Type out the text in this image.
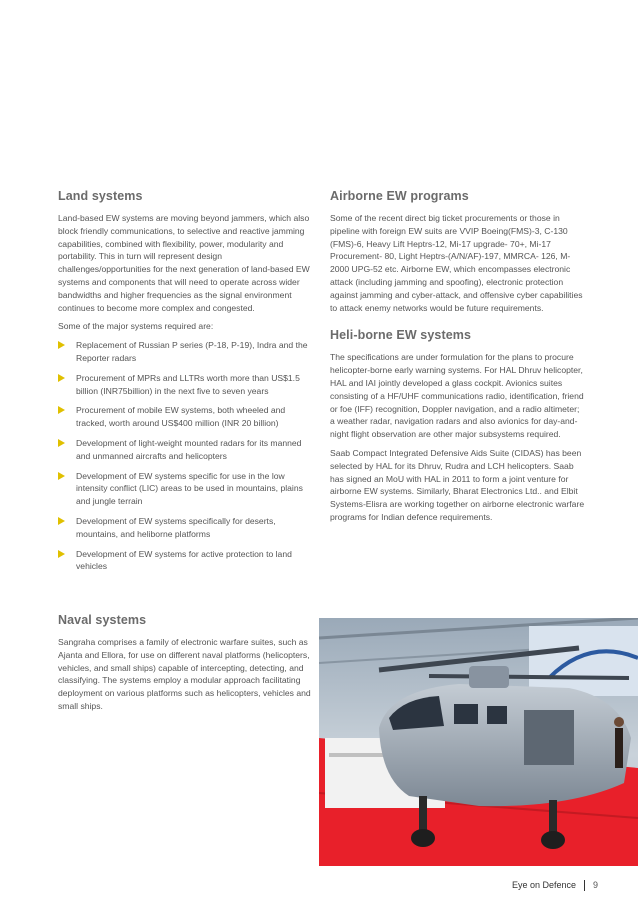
Land systems

Land-based EW systems are moving beyond jammers, which also block friendly communications, to selective and reactive jamming capabilities, combined with flexibility, power, modularity and portability. This in turn will represent design challenges/opportunities for the next generation of land-based EW systems and components that will need to operate across wider bandwidths and higher frequencies as the signal environment continues to become more complex and congested.

Some of the major systems required are:

Replacement of Russian P series (P-18, P-19), Indra and the Reporter radars
Procurement of MPRs and LLTRs worth more than US$1.5 billion (INR75billion) in the next five to seven years
Procurement of mobile EW systems, both wheeled and tracked, worth around US$400 million (INR 20 billion)
Development of light-weight mounted radars for its manned and unmanned aircrafts and helicopters
Development of EW systems specific for use in the low intensity conflict (LIC) areas to be used in mountains, plains and jungle terrain
Development of EW systems specifically for deserts, mountains, and heliborne platforms
Development of EW systems for active protection to land vehicles
Naval systems

Sangraha comprises a family of electronic warfare suites, such as Ajanta and Ellora, for use on different naval platforms (helicopters, vehicles, and small ships) capable of intercepting, detecting, and classifying. The systems employ a modular approach facilitating deployment on various platforms such as helicopters, vehicles and small ships.

Airborne EW programs

Some of the recent direct big ticket procurements or those in pipeline with foreign EW suits are VVIP Boeing(FMS)-3, C-130 (FMS)-6, Heavy Lift Heptrs-12, Mi-17 upgrade- 70+, Mi-17 Procurement- 80, Light Heptrs-(A/N/AF)-197, MMRCA- 126, M-2000 UPG-52 etc. Airborne EW, which encompasses electronic attack (including jamming and spoofing), electronic protection against jamming and cyber-attack, and offensive cyber capabilities to attack enemy networks would be future requirements.

Heli-borne EW systems

The specifications are under formulation for the plans to procure helicopter-borne early warning systems. For HAL Dhruv helicopter, HAL and IAI jointly developed a glass cockpit. Avionics suites consisting of a HF/UHF communications radio, identification, friend or foe (IFF) recognition, Doppler navigation, and a radio altimeter; a weather radar, navigation radars and also avionics for day-and-night flight observation are other major subsystems required.

Saab Compact Integrated Defensive Aids Suite (CIDAS) has been selected by HAL for its Dhruv, Rudra and LCH helicopters. Saab has signed an MoU with HAL in 2011 to form a joint venture for airborne EW systems. Similarly, Bharat Electronics Ltd.. and Elbit Systems-Elisra are working together on airborne electronic warfare programs for Indian defence requirements.

Eye on Defence 9
